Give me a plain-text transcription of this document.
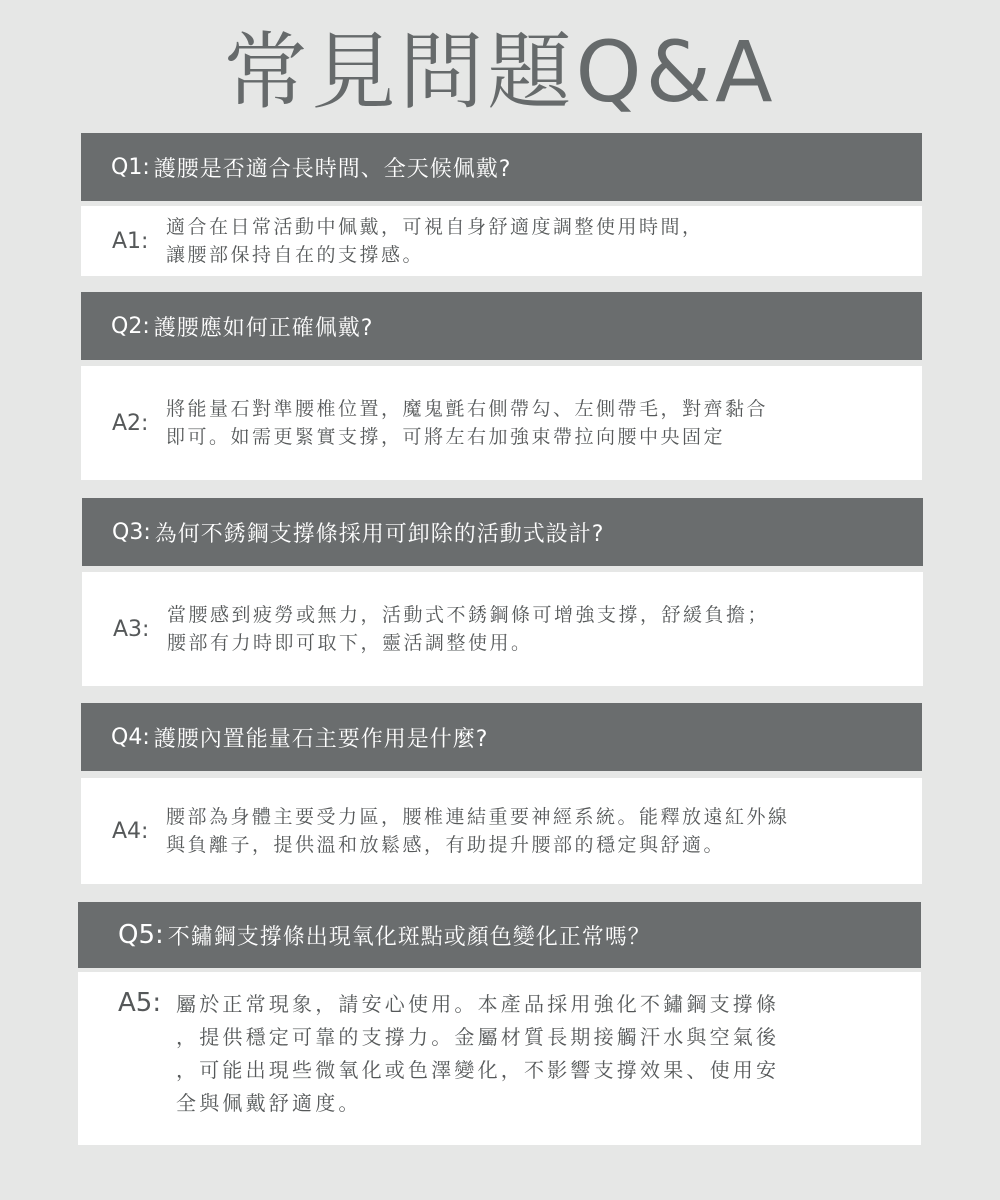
常見問題Q&A
Q1: 護腰是否適合長時間、全天候佩戴?
A1:
適合在日常活動中佩戴，可視自身舒適度調整使用時間，
讓腰部保持自在的支撐感。
Q2: 護腰應如何正確佩戴?
A2:
將能量石對準腰椎位置，魔鬼氈右側帶勾、左側帶毛，對齊黏合
即可。如需更緊實支撐，可將左右加強束帶拉向腰中央固定
Q3: 為何不銹鋼支撐條採用可卸除的活動式設計?
A3:
當腰感到疲勞或無力，活動式不銹鋼條可增強支撐，舒緩負擔；
腰部有力時即可取下，靈活調整使用。
Q4: 護腰內置能量石主要作用是什麼?
A4:
腰部為身體主要受力區，腰椎連結重要神經系統。能釋放遠紅外線
與負離子，提供溫和放鬆感，有助提升腰部的穩定與舒適。
Q5: 不鏽鋼支撐條出現氧化斑點或顏色變化正常嗎？
A5: 屬於正常現象，請安心使用。本產品採用強化不鏽鋼支撐條
，提供穩定可靠的支撐力。金屬材質長期接觸汗水與空氣後
，可能出現些微氧化或色澤變化，不影響支撐效果、使用安
全與佩戴舒適度。
